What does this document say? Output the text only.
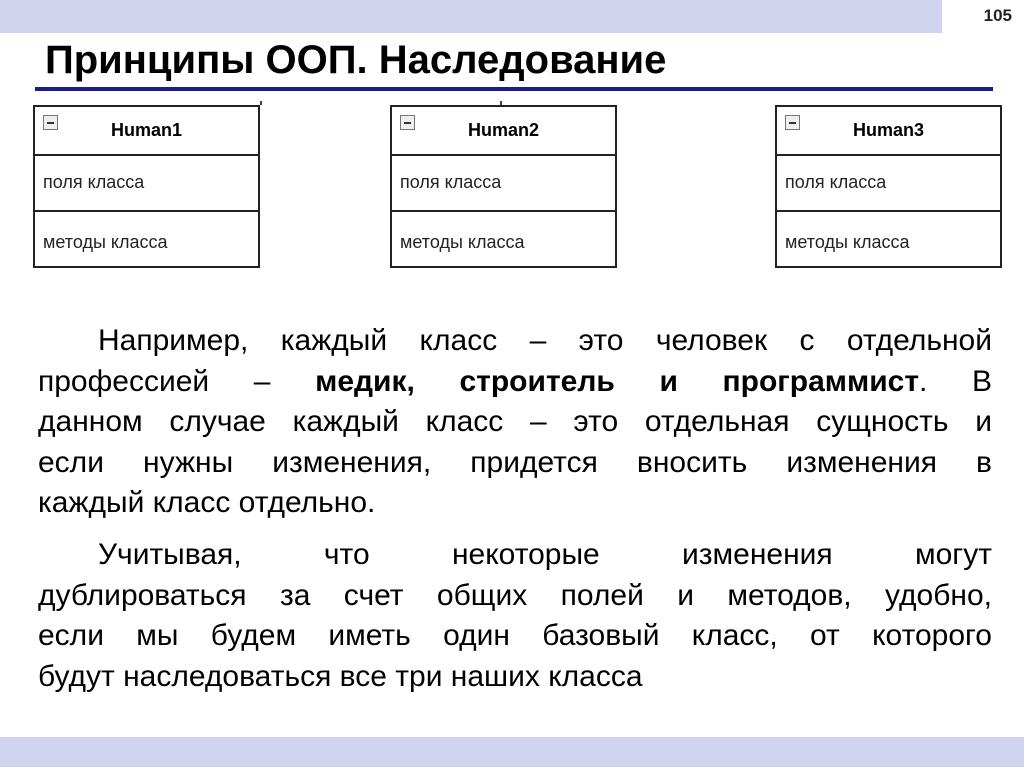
105
Принципы ООП. Наследование
Human1
поля класса
методы класса
Human2
поля класса
методы класса
Human3
поля класса
методы класса
Например, каждый класс – это человек с отдельной
профессией – медик, строитель и программист. В
данном случае каждый класс – это отдельная сущность и
если нужны изменения, придется вносить изменения в
каждый класс отдельно.
Учитывая, что некоторые изменения могут
дублироваться за счет общих полей и методов, удобно,
если мы будем иметь один базовый класс, от которого
будут наследоваться все три наших класса
